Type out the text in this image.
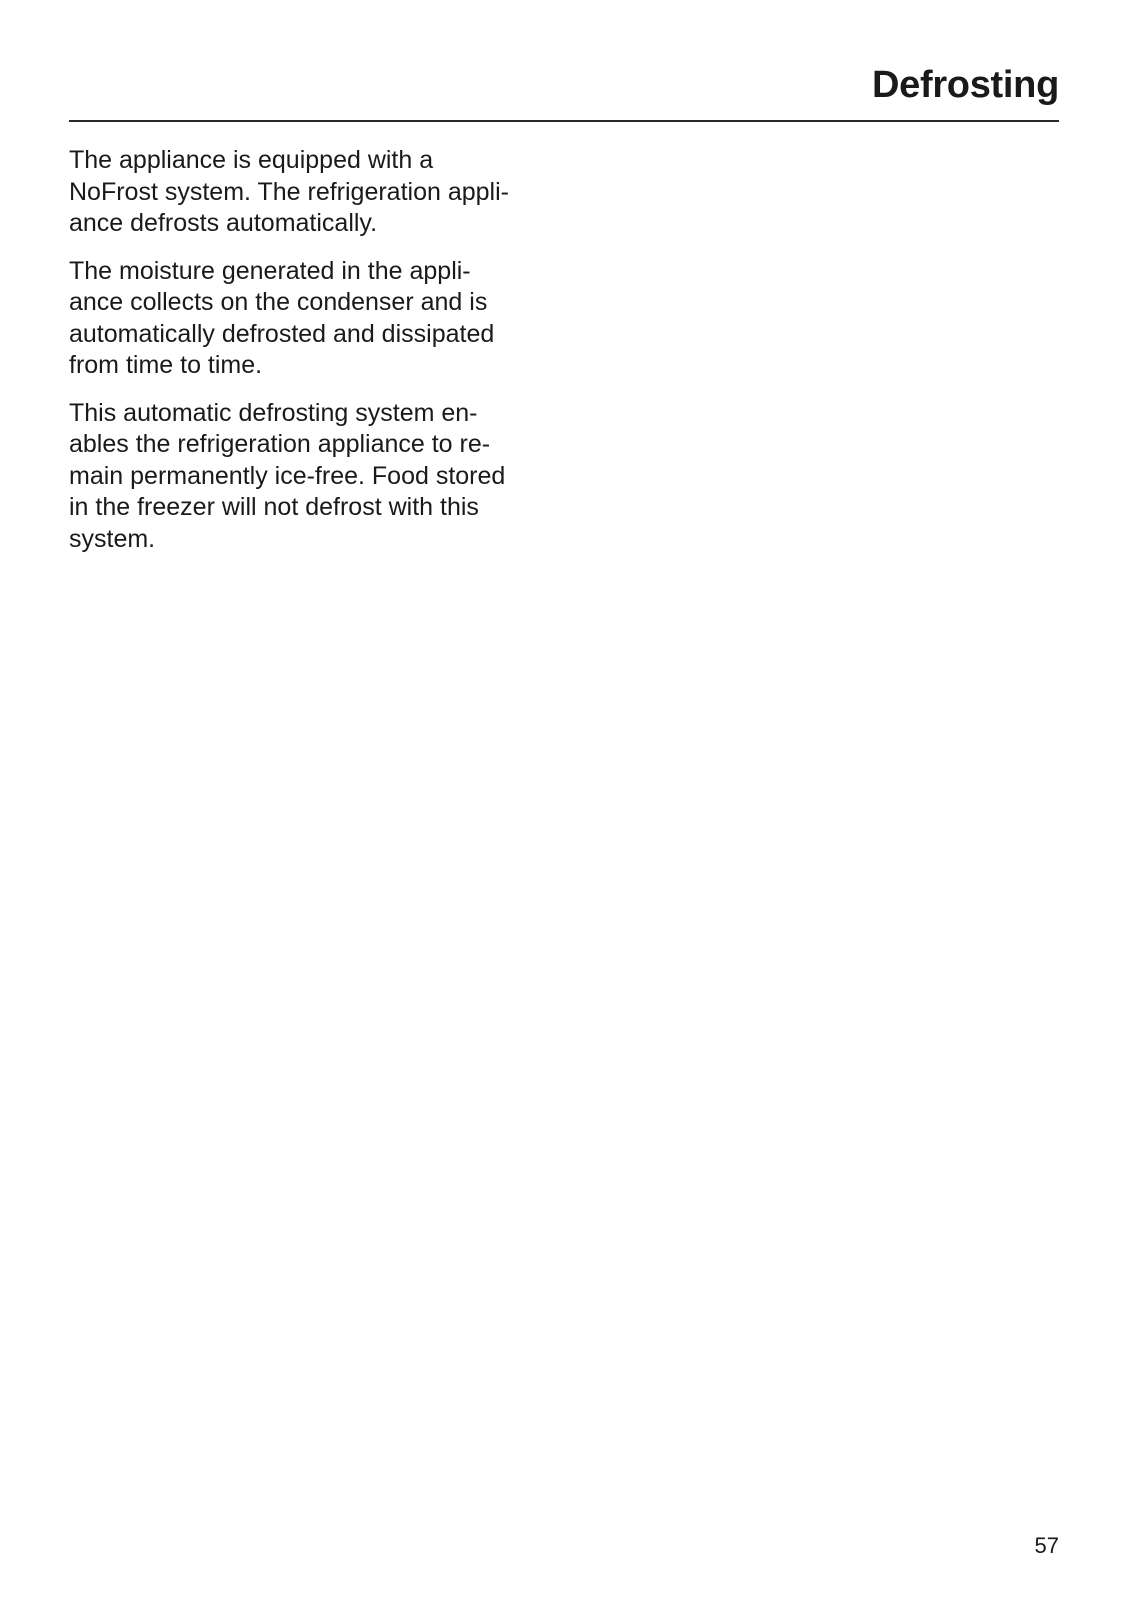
Defrosting

The appliance is equipped with a
NoFrost system. The refrigeration appli-
ance defrosts automatically.

The moisture generated in the appli-
ance collects on the condenser and is
automatically defrosted and dissipated
from time to time.

This automatic defrosting system en-
ables the refrigeration appliance to re-
main permanently ice-free. Food stored
in the freezer will not defrost with this
system.

57
